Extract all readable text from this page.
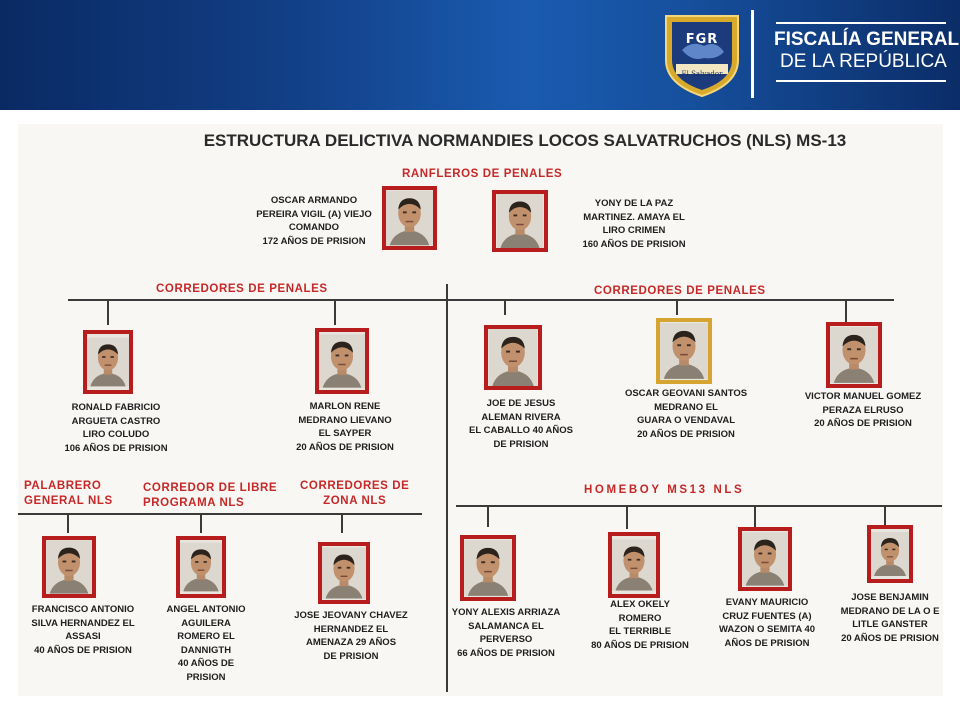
FGR
El Salvador
FISCALÍA GENERAL
DE LA REPÚBLICA
ESTRUCTURA DELICTIVA NORMANDIES LOCOS SALVATRUCHOS (NLS) MS-13
RANFLEROS DE PENALES
CORREDORES DE PENALES	CORREDORES DE PENALES
PALABRERO
GENERAL NLS
CORREDOR DE LIBRE
PROGRAMA NLS
CORREDORES DE
ZONA NLS
HOMEBOY MS13 NLS
OSCAR ARMANDO
PEREIRA VIGIL (A) VIEJO
COMANDO
172 AÑOS DE PRISION
YONY DE LA PAZ
MARTINEZ. AMAYA EL
LIRO CRIMEN
160 AÑOS DE PRISION
RONALD FABRICIO
ARGUETA CASTRO
LIRO COLUDO
106 AÑOS DE PRISION
MARLON RENE
MEDRANO LIEVANO
EL SAYPER
20 AÑOS DE PRISION
JOE DE JESUS
ALEMAN RIVERA
EL CABALLO 40 AÑOS
DE PRISION
OSCAR GEOVANI SANTOS
MEDRANO EL
GUARA O VENDAVAL
20 AÑOS DE PRISION
VICTOR MANUEL GOMEZ
PERAZA ELRUSO
20 AÑOS DE PRISION
FRANCISCO ANTONIO
SILVA HERNANDEZ EL
ASSASI
40 AÑOS DE PRISION
ANGEL ANTONIO
AGUILERA
ROMERO EL
DANNIGTH
40 AÑOS DE
PRISION
JOSE JEOVANY CHAVEZ
HERNANDEZ EL
AMENAZA 29 AÑOS
DE PRISION
YONY ALEXIS ARRIAZA
SALAMANCA EL
PERVERSO
66 AÑOS DE PRISION
ALEX OKELY
ROMERO
EL TERRIBLE
80 AÑOS DE PRISION
EVANY MAURICIO
CRUZ FUENTES (A)
WAZON O SEMITA 40
AÑOS DE PRISION
JOSE BENJAMIN
MEDRANO DE LA O E
LITLE GANSTER
20 AÑOS DE PRISION
